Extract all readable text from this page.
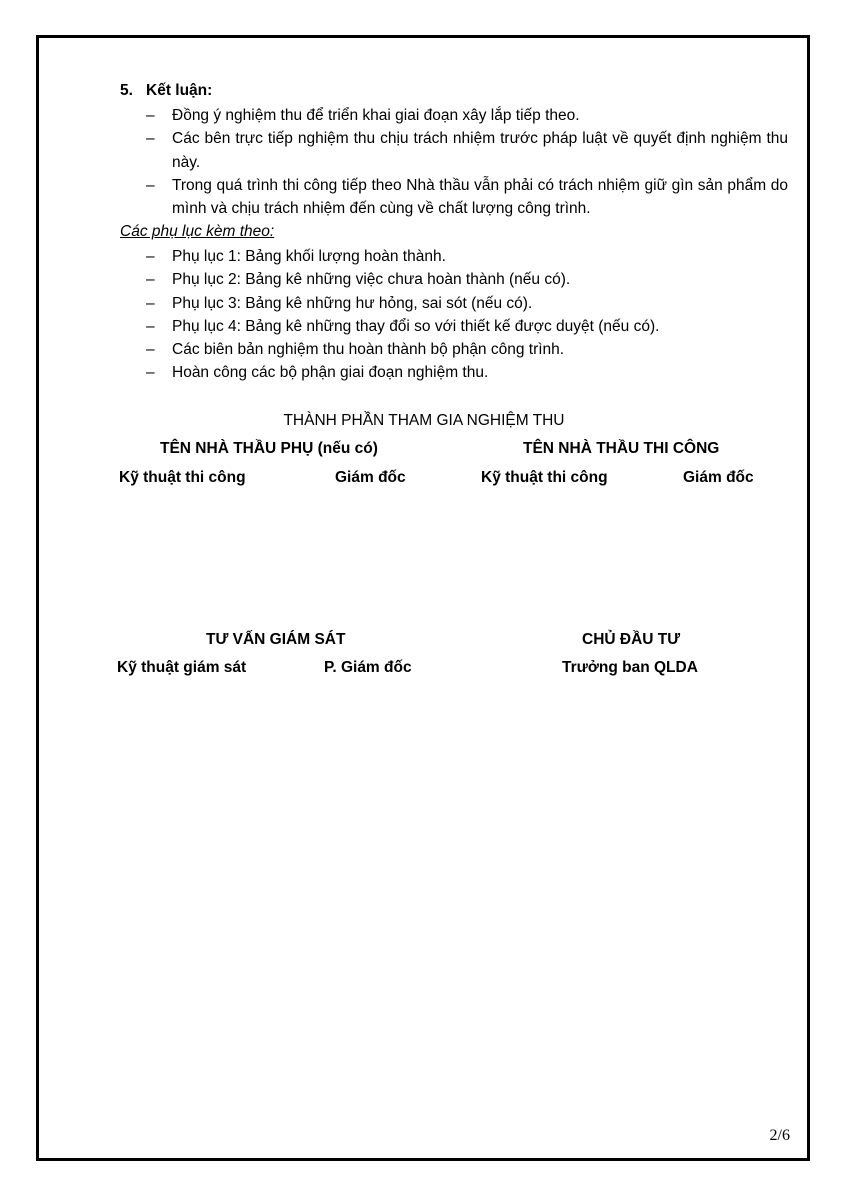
5. Kết luận:
– Đồng ý nghiệm thu để triển khai giai đoạn xây lắp tiếp theo.
– Các bên trực tiếp nghiệm thu chịu trách nhiệm trước pháp luật về quyết định nghiệm thu này.
– Trong quá trình thi công tiếp theo Nhà thầu vẫn phải có trách nhiệm giữ gìn sản phẩm do mình và chịu trách nhiệm đến cùng về chất lượng công trình.
Các phụ lục kèm theo:
– Phụ lục 1: Bảng khối lượng hoàn thành.
– Phụ lục 2: Bảng kê những việc chưa hoàn thành (nếu có).
– Phụ lục 3: Bảng kê những hư hỏng, sai sót (nếu có).
– Phụ lục 4: Bảng kê những thay đổi so với thiết kế được duyệt (nếu có).
– Các biên bản nghiệm thu hoàn thành bộ phận công trình.
– Hoàn công các bộ phận giai đoạn nghiệm thu.
THÀNH PHẦN THAM GIA NGHIỆM THU
TÊN NHÀ THẦU PHỤ (nếu có)	TÊN NHÀ THẦU THI CÔNG
Kỹ thuật thi công	Giám đốc	Kỹ thuật thi công	Giám đốc
TƯ VẤN GIÁM SÁT	CHỦ ĐẦU TƯ
Kỹ thuật giám sát	P. Giám đốc	Trưởng ban QLDA
2/6
